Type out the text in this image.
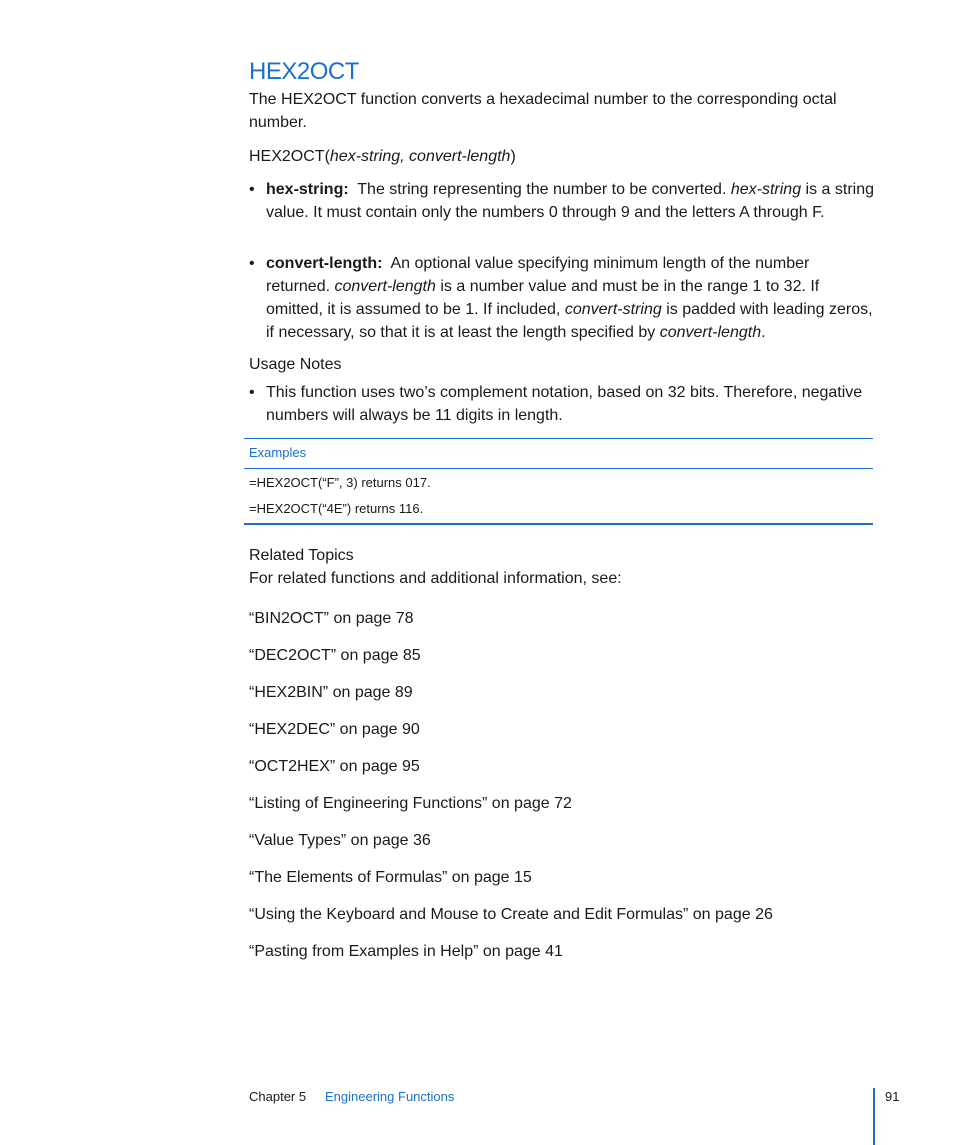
HEX2OCT
The HEX2OCT function converts a hexadecimal number to the corresponding octal number.
HEX2OCT(hex-string, convert-length)
• hex-string: The string representing the number to be converted. hex-string is a string value. It must contain only the numbers 0 through 9 and the letters A through F.
• convert-length: An optional value specifying minimum length of the number returned. convert-length is a number value and must be in the range 1 to 32. If omitted, it is assumed to be 1. If included, convert-string is padded with leading zeros, if necessary, so that it is at least the length specified by convert-length.
Usage Notes
• This function uses two’s complement notation, based on 32 bits. Therefore, negative numbers will always be 11 digits in length.
Examples
=HEX2OCT(“F”, 3) returns 017.
=HEX2OCT(“4E”) returns 116.
Related Topics
For related functions and additional information, see:
“BIN2OCT” on page 78
“DEC2OCT” on page 85
“HEX2BIN” on page 89
“HEX2DEC” on page 90
“OCT2HEX” on page 95
“Listing of Engineering Functions” on page 72
“Value Types” on page 36
“The Elements of Formulas” on page 15
“Using the Keyboard and Mouse to Create and Edit Formulas” on page 26
“Pasting from Examples in Help” on page 41
Chapter 5 Engineering Functions	91
